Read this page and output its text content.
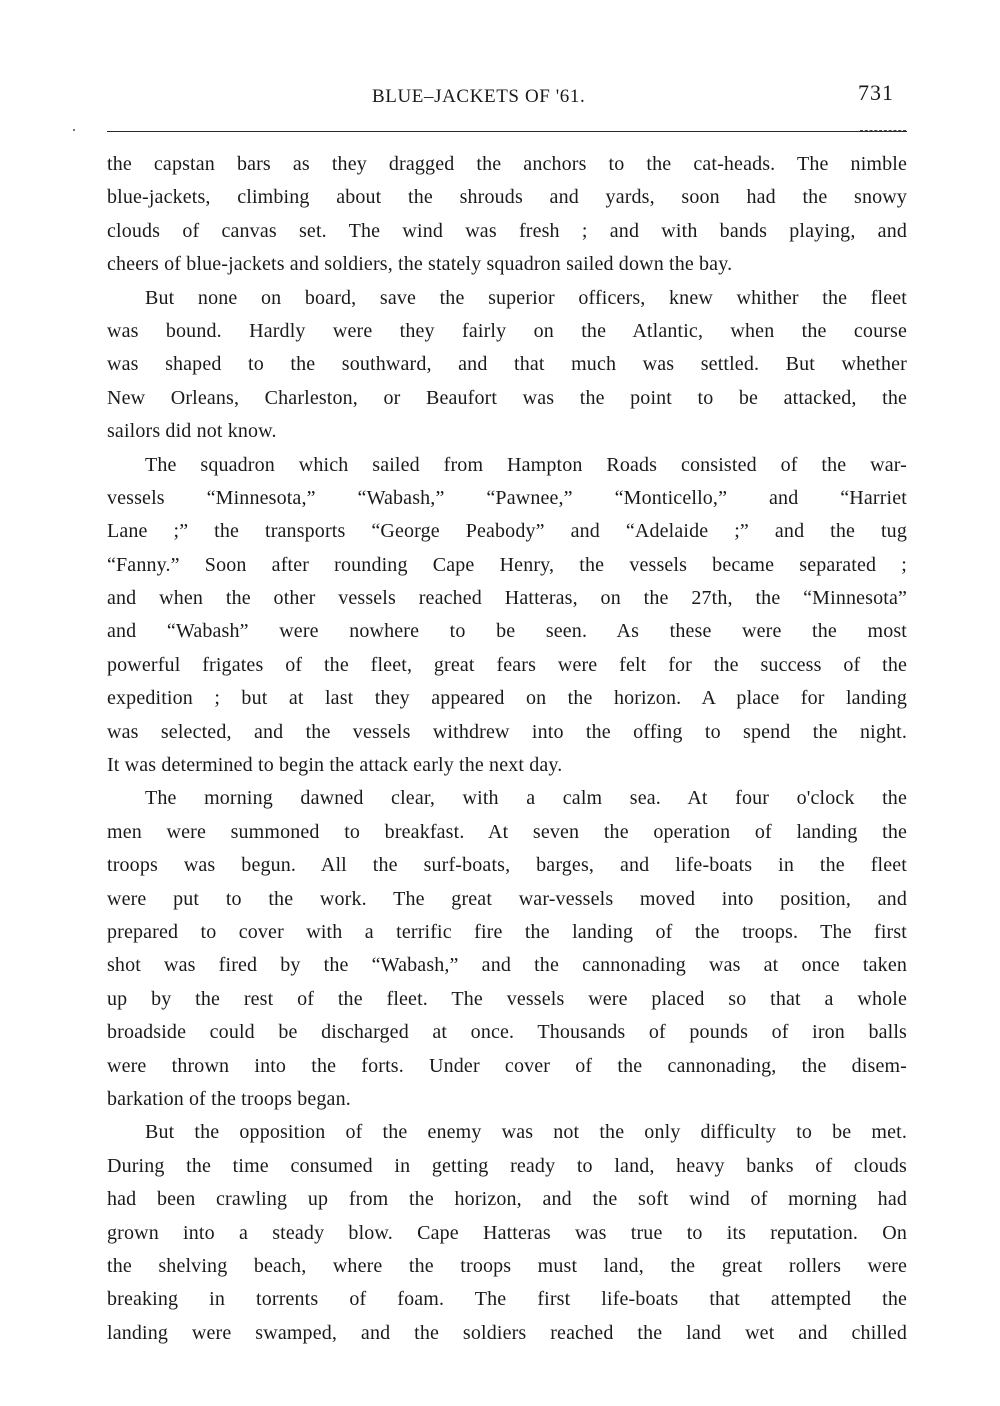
BLUE–JACKETS OF '61.	731
the capstan bars as they dragged the anchors to the cat-heads. The nimble
blue-jackets, climbing about the shrouds and yards, soon had the snowy
clouds of canvas set. The wind was fresh ; and with bands playing, and
cheers of blue-jackets and soldiers, the stately squadron sailed down the bay.
But none on board, save the superior officers, knew whither the fleet
was bound. Hardly were they fairly on the Atlantic, when the course
was shaped to the southward, and that much was settled. But whether
New Orleans, Charleston, or Beaufort was the point to be attacked, the
sailors did not know.
The squadron which sailed from Hampton Roads consisted of the war-
vessels “Minnesota,” “Wabash,” “Pawnee,” “Monticello,” and “Harriet
Lane ;” the transports “George Peabody” and “Adelaide ;” and the tug
“Fanny.” Soon after rounding Cape Henry, the vessels became separated ;
and when the other vessels reached Hatteras, on the 27th, the “Minnesota”
and “Wabash” were nowhere to be seen. As these were the most
powerful frigates of the fleet, great fears were felt for the success of the
expedition ; but at last they appeared on the horizon. A place for landing
was selected, and the vessels withdrew into the offing to spend the night.
It was determined to begin the attack early the next day.
The morning dawned clear, with a calm sea. At four o'clock the
men were summoned to breakfast. At seven the operation of landing the
troops was begun. All the surf-boats, barges, and life-boats in the fleet
were put to the work. The great war-vessels moved into position, and
prepared to cover with a terrific fire the landing of the troops. The first
shot was fired by the “Wabash,” and the cannonading was at once taken
up by the rest of the fleet. The vessels were placed so that a whole
broadside could be discharged at once. Thousands of pounds of iron balls
were thrown into the forts. Under cover of the cannonading, the disem-
barkation of the troops began.
But the opposition of the enemy was not the only difficulty to be met.
During the time consumed in getting ready to land, heavy banks of clouds
had been crawling up from the horizon, and the soft wind of morning had
grown into a steady blow. Cape Hatteras was true to its reputation. On
the shelving beach, where the troops must land, the great rollers were
breaking in torrents of foam. The first life-boats that attempted the
landing were swamped, and the soldiers reached the land wet and chilled
